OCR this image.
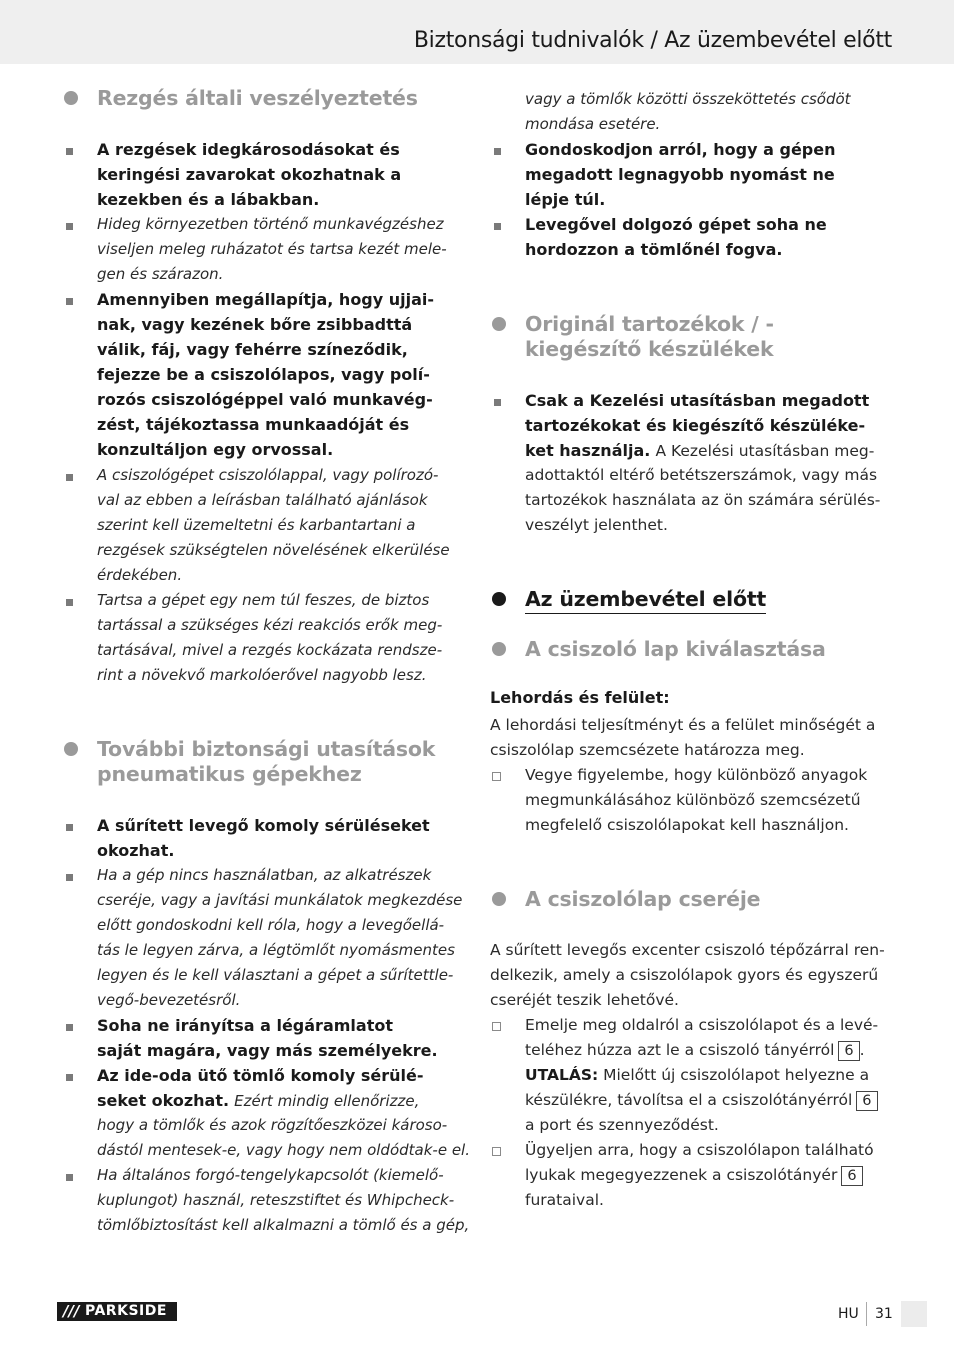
Biztonsági tudnivalók / Az üzembevétel előtt
Rezgés általi veszélyeztetés
A rezgések idegkárosodásokat és
keringési zavarokat okozhatnak a
kezekben és a lábakban.
Hideg környezetben történő munkavégzéshez
viseljen meleg ruházatot és tartsa kezét mele-
gen és szárazon.
Amennyiben megállapítja, hogy ujjai-
nak, vagy kezének bőre zsibbadttá
válik, fáj, vagy fehérre színeződik,
fejezze be a csiszolólapos, vagy polí-
rozós csiszológéppel való munkavég-
zést, tájékoztassa munkaadóját és
konzultáljon egy orvossal.
A csiszológépet csiszolólappal, vagy polírozó-
val az ebben a leírásban található ajánlások
szerint kell üzemeltetni és karbantartani a
rezgések szükségtelen növelésének elkerülése
érdekében.
Tartsa a gépet egy nem túl feszes, de biztos
tartással a szükséges kézi reakciós erők meg-
tartásával, mivel a rezgés kockázata rendsze-
rint a növekvő markolóerővel nagyobb lesz.
További biztonsági utasítások
pneumatikus gépekhez
A sűrített levegő komoly sérüléseket
okozhat.
Ha a gép nincs használatban, az alkatrészek
cseréje, vagy a javítási munkálatok megkezdése
előtt gondoskodni kell róla, hogy a levegőellá-
tás le legyen zárva, a légtömlőt nyomásmentes
legyen és le kell választani a gépet a sűrítettle-
vegő-bevezetésről.
Soha ne irányítsa a légáramlatot
saját magára, vagy más személyekre.
Az ide-oda ütő tömlő komoly sérülé-
seket okozhat. Ezért mindig ellenőrizze,
hogy a tömlők és azok rögzítőeszközei károso-
dástól mentesek-e, vagy hogy nem oldódtak-e el.
Ha általános forgó-tengelykapcsolót (kiemelő-
kuplungot) használ, reteszstiftet és Whipcheck-
tömlőbiztosítást kell alkalmazni a tömlő és a gép,
vagy a tömlők közötti összeköttetés csődöt
mondása esetére.
Gondoskodjon arról, hogy a gépen
megadott legnagyobb nyomást ne
lépje túl.
Levegővel dolgozó gépet soha ne
hordozzon a tömlőnél fogva.
Originál tartozékok / -
kiegészítő készülékek
Csak a Kezelési utasításban megadott
tartozékokat és kiegészítő készüléke-
ket használja. A Kezelési utasításban meg-
adottaktól eltérő betétszerszámok, vagy más
tartozékok használata az ön számára sérülés-
veszélyt jelenthet.
Az üzembevétel előtt
A csiszoló lap kiválasztása
Lehordás és felület:
A lehordási teljesítményt és a felület minőségét a
csiszolólap szemcsézete határozza meg.
Vegye figyelembe, hogy különböző anyagok
megmunkálásához különböző szemcsézetű
megfelelő csiszolólapokat kell használjon.
A csiszolólap cseréje
A sűrített levegős excenter csiszoló tépőzárral ren-
delkezik, amely a csiszolólapok gyors és egyszerű
cseréjét teszik lehetővé.
Emelje meg oldalról a csiszolólapot és a levé-
teléhez húzza azt le a csiszoló tányérról 6 .
UTALÁS: Mielőtt új csiszolólapot helyezne a
készülékre, távolítsa el a csiszolótányérról 6
a port és szennyeződést.
Ügyeljen arra, hogy a csiszolólapon található
lyukak megegyezzenek a csiszolótányér 6
furataival.
/// PARKSIDE	HU 31
